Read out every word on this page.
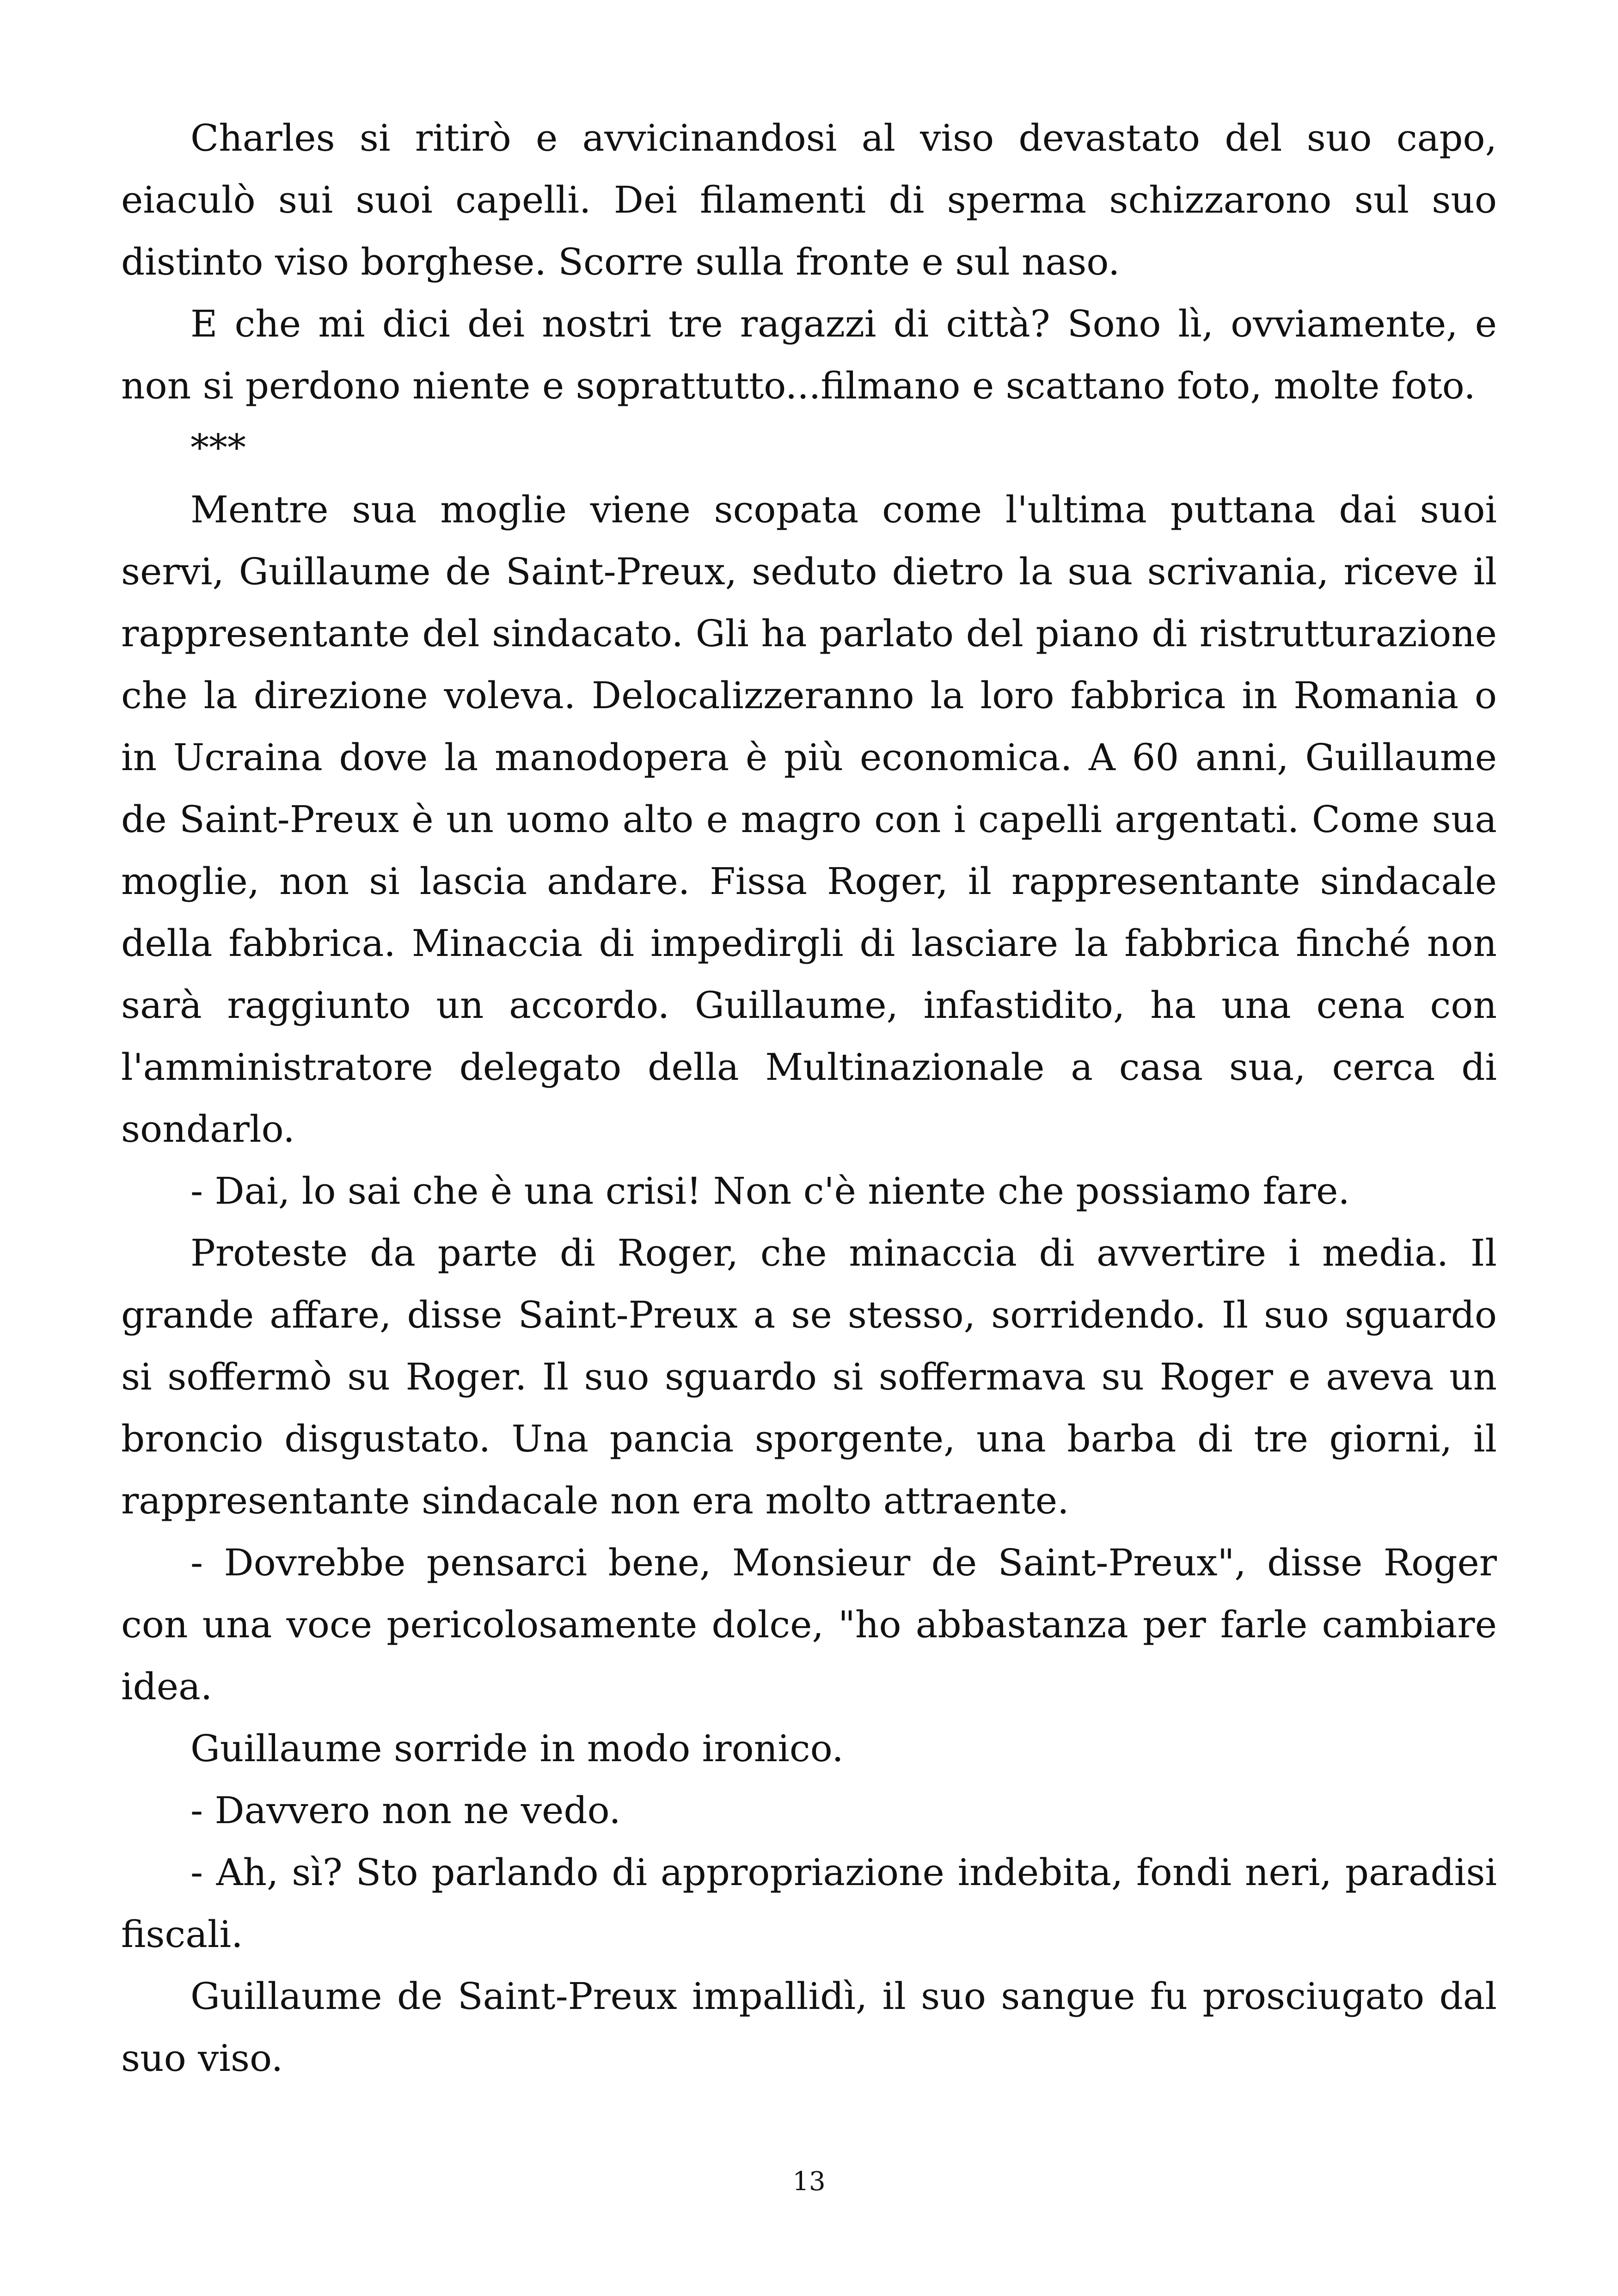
Charles si ritirò e avvicinandosi al viso devastato del suo capo, eiaculò sui suoi capelli. Dei filamenti di sperma schizzarono sul suo distinto viso borghese. Scorre sulla fronte e sul naso.

E che mi dici dei nostri tre ragazzi di città? Sono lì, ovviamente, e non si perdono niente e soprattutto...filmano e scattano foto, molte foto.

***

Mentre sua moglie viene scopata come l'ultima puttana dai suoi servi, Guillaume de Saint-Preux, seduto dietro la sua scrivania, riceve il rappresentante del sindacato. Gli ha parlato del piano di ristrutturazione che la direzione voleva. Delocalizzeranno la loro fabbrica in Romania o in Ucraina dove la manodopera è più economica. A 60 anni, Guillaume de Saint-Preux è un uomo alto e magro con i capelli argentati. Come sua moglie, non si lascia andare. Fissa Roger, il rappresentante sindacale della fabbrica. Minaccia di impedirgli di lasciare la fabbrica finché non sarà raggiunto un accordo. Guillaume, infastidito, ha una cena con l'amministratore delegato della Multinazionale a casa sua, cerca di sondarlo.

- Dai, lo sai che è una crisi! Non c'è niente che possiamo fare.

Proteste da parte di Roger, che minaccia di avvertire i media. Il grande affare, disse Saint-Preux a se stesso, sorridendo. Il suo sguardo si soffermò su Roger. Il suo sguardo si soffermava su Roger e aveva un broncio disgustato. Una pancia sporgente, una barba di tre giorni, il rappresentante sindacale non era molto attraente.

- Dovrebbe pensarci bene, Monsieur de Saint-Preux", disse Roger con una voce pericolosamente dolce, "ho abbastanza per farle cambiare idea.

Guillaume sorride in modo ironico.

- Davvero non ne vedo.

- Ah, sì? Sto parlando di appropriazione indebita, fondi neri, paradisi fiscali.

Guillaume de Saint-Preux impallidì, il suo sangue fu prosciugato dal suo viso.

13
